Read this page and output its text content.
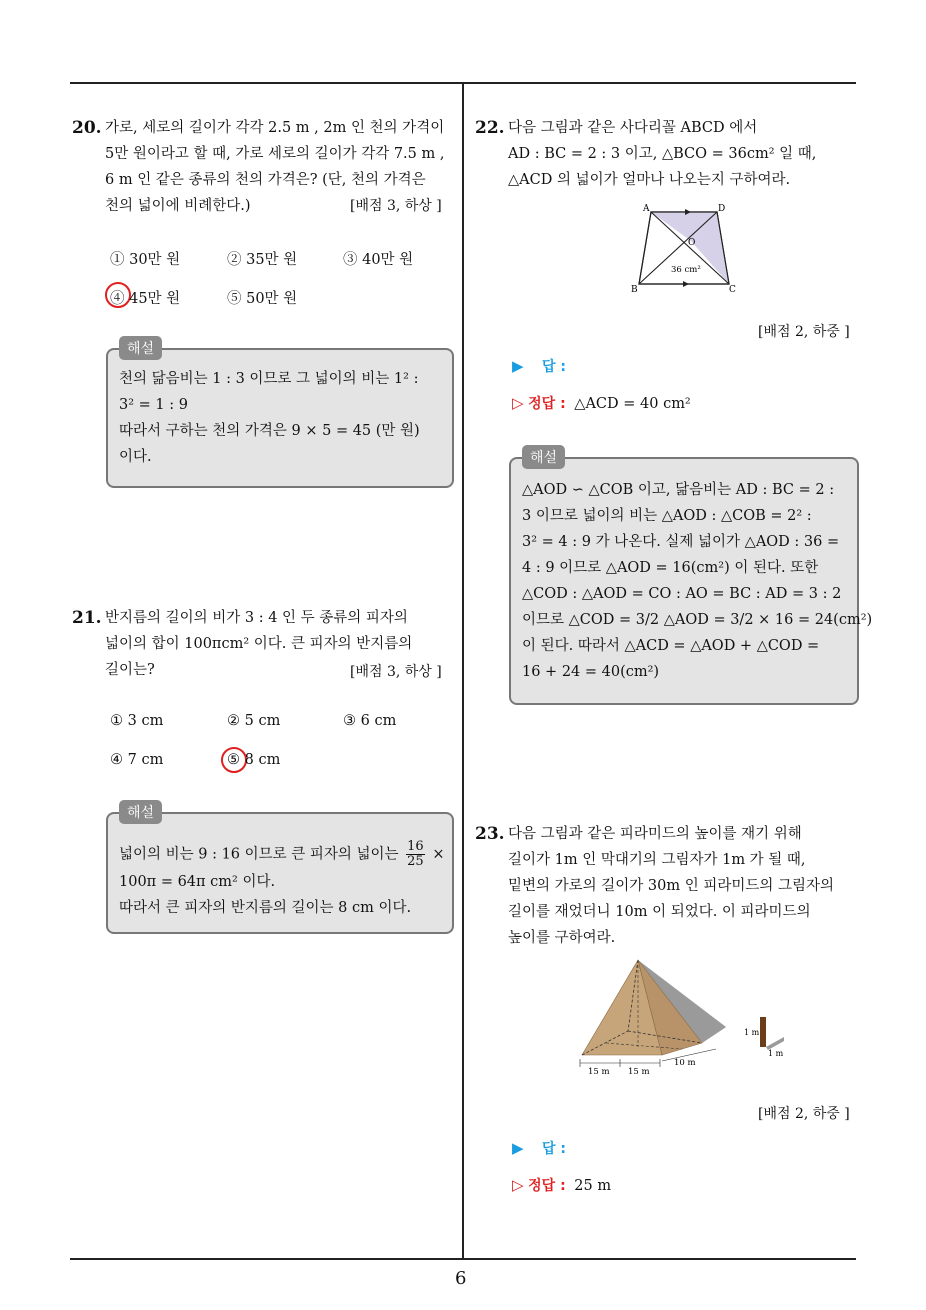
20. 가로, 세로의 길이가 각각 2.5 m , 2m 인 천의 가격이
5만 원이라고 할 때, 가로 세로의 길이가 각각 7.5 m ,
6 m 인 같은 종류의 천의 가격은? (단, 천의 가격은
천의 넓이에 비례한다.)	[배점 3, 하상 ]
① 30만 원	② 35만 원	③ 40만 원
④ 45만 원	⑤ 50만 원
해설
천의 닮음비는 1 : 3 이므로 그 넓이의 비는 1² :
3² = 1 : 9
따라서 구하는 천의 가격은 9 × 5 = 45 (만 원)
이다.
21. 반지름의 길이의 비가 3 : 4 인 두 종류의 피자의
넓이의 합이 100πcm² 이다. 큰 피자의 반지름의
길이는?	[배점 3, 하상 ]
① 3 cm	② 5 cm	③ 6 cm
④ 7 cm	⑤ 8 cm
해설
넓이의 비는 9 : 16 이므로 큰 피자의 넓이는 $\frac{16}{25}$ ×
100π = 64π cm² 이다.
따라서 큰 피자의 반지름의 길이는 8 cm 이다.
22. 다음 그림과 같은 사다리꼴 ABCD 에서
AD : BC = 2 : 3 이고, △BCO = 36cm² 일 때,
△ACD 의 넓이가 얼마나 나오는지 구하여라.
A	D
B	C
O
36 cm²
[배점 2, 하중 ]
▶ 답 :
▷ 정답 : △ACD = 40 cm²
해설
△AOD ∽ △COB 이고, 닮음비는 AD : BC = 2 :
3 이므로 넓이의 비는 △AOD : △COB = 2² :
3² = 4 : 9 가 나온다. 실제 넓이가 △AOD : 36 =
4 : 9 이므로 △AOD = 16(cm²) 이 된다. 또한
△COD : △AOD = CO : AO = BC : AD = 3 : 2
이므로 △COD = 3/2 △AOD = 3/2 × 16 = 24(cm²)
이 된다. 따라서 △ACD = △AOD + △COD =
16 + 24 = 40(cm²)
23. 다음 그림과 같은 피라미드의 높이를 재기 위해
길이가 1m 인 막대기의 그림자가 1m 가 될 때,
밑변의 가로의 길이가 30m 인 피라미드의 그림자의
길이를 재었더니 10m 이 되었다. 이 피라미드의
높이를 구하여라.
15 m 15 m
10 m
1 m
1 m
[배점 2, 하중 ]
▶ 답 :
▷ 정답 : 25 m
6
